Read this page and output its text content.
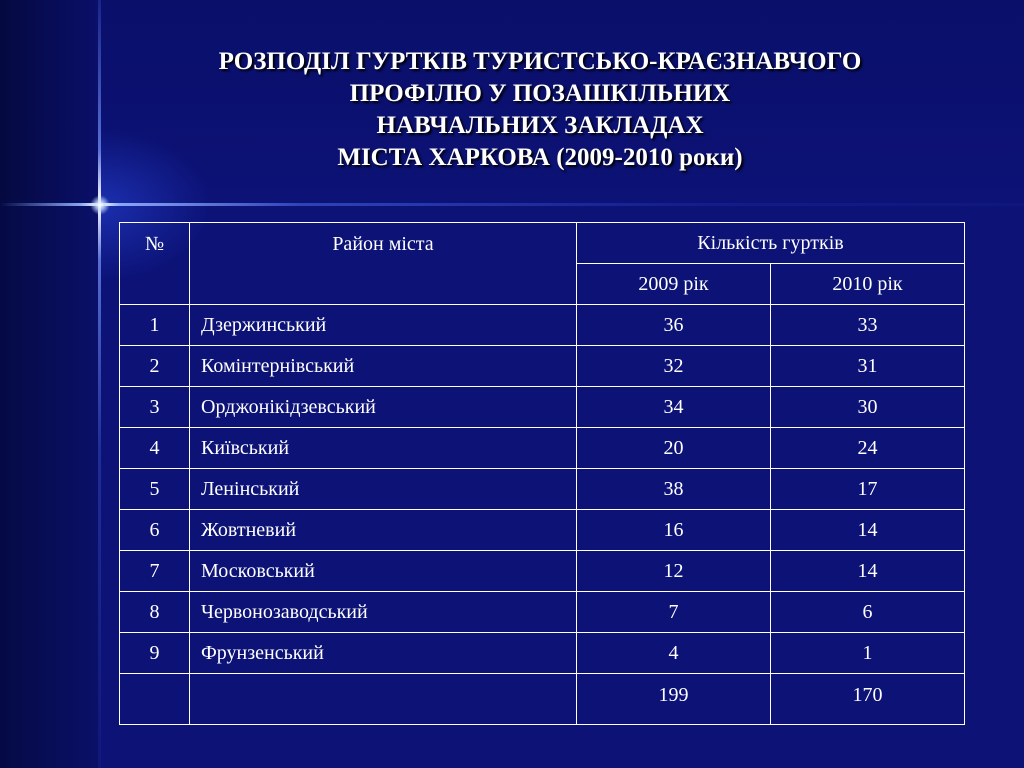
РОЗПОДІЛ ГУРТКІВ ТУРИСТСЬКО-КРАЄЗНАВЧОГО
ПРОФІЛЮ У ПОЗАШКІЛЬНИХ
НАВЧАЛЬНИХ ЗАКЛАДАХ
МІСТА ХАРКОВА (2009-2010 роки)
№	Район міста	Кількість гуртків	
		2009 рік	2010 рік
1	Дзержинський	36	33
2	Комінтернівський	32	31
3	Орджонікідзевський	34	30
4	Київський	20	24
5	Ленінський	38	17
6	Жовтневий	16	14
7	Московський	12	14
8	Червонозаводський	7	6
9	Фрунзенський	4	1
		199	170
